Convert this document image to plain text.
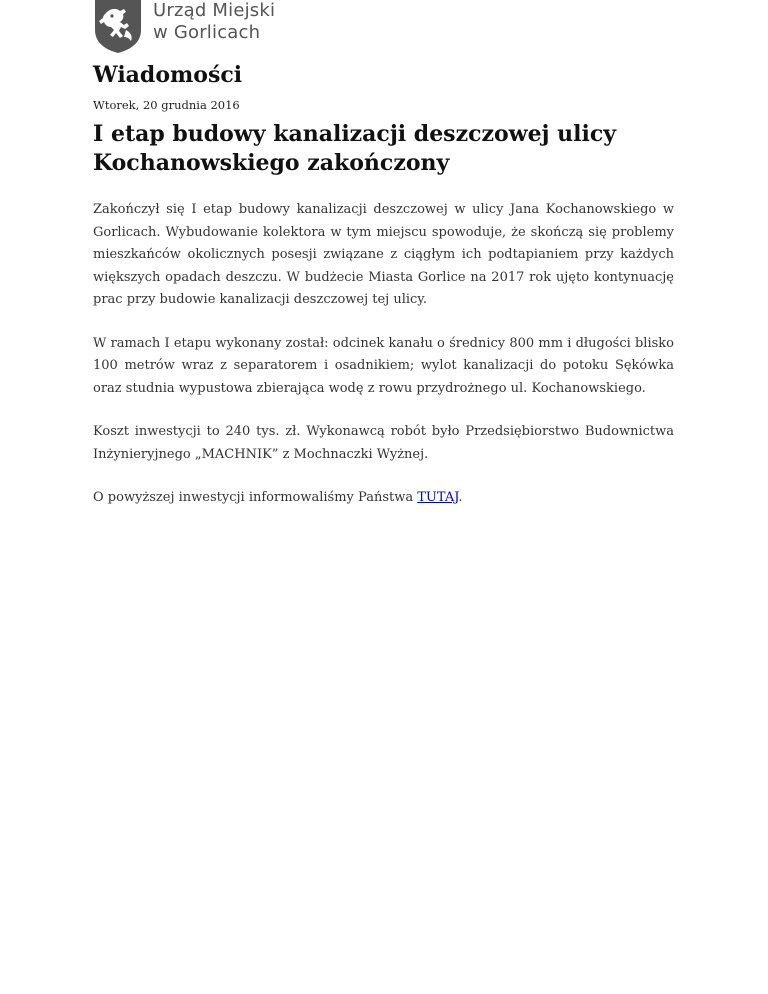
Urząd Miejski
w Gorlicach
Wiadomości

Wtorek, 20 grudnia 2016

I etap budowy kanalizacji deszczowej ulicy Kochanowskiego zakończony

Zakończył się I etap budowy kanalizacji deszczowej w ulicy Jana Kochanowskiego w Gorlicach. Wybudowanie kolektora w tym miejscu spowoduje, że skończą się problemy mieszkańców okolicznych posesji związane z ciągłym ich podtapianiem przy każdych większych opadach deszczu. W budżecie Miasta Gorlice na 2017 rok ujęto kontynuację prac przy budowie kanalizacji deszczowej tej ulicy.

W ramach I etapu wykonany został: odcinek kanału o średnicy 800 mm i długości blisko 100 metrów wraz z separatorem i osadnikiem; wylot kanalizacji do potoku Sękówka oraz studnia wypustowa zbierająca wodę z rowu przydrożnego ul. Kochanowskiego.

Koszt inwestycji to 240 tys. zł. Wykonawcą robót było Przedsiębiorstwo Budownictwa Inżynieryjnego „MACHNIK” z Mochnaczki Wyżnej.

O powyższej inwestycji informowaliśmy Państwa TUTAJ.
